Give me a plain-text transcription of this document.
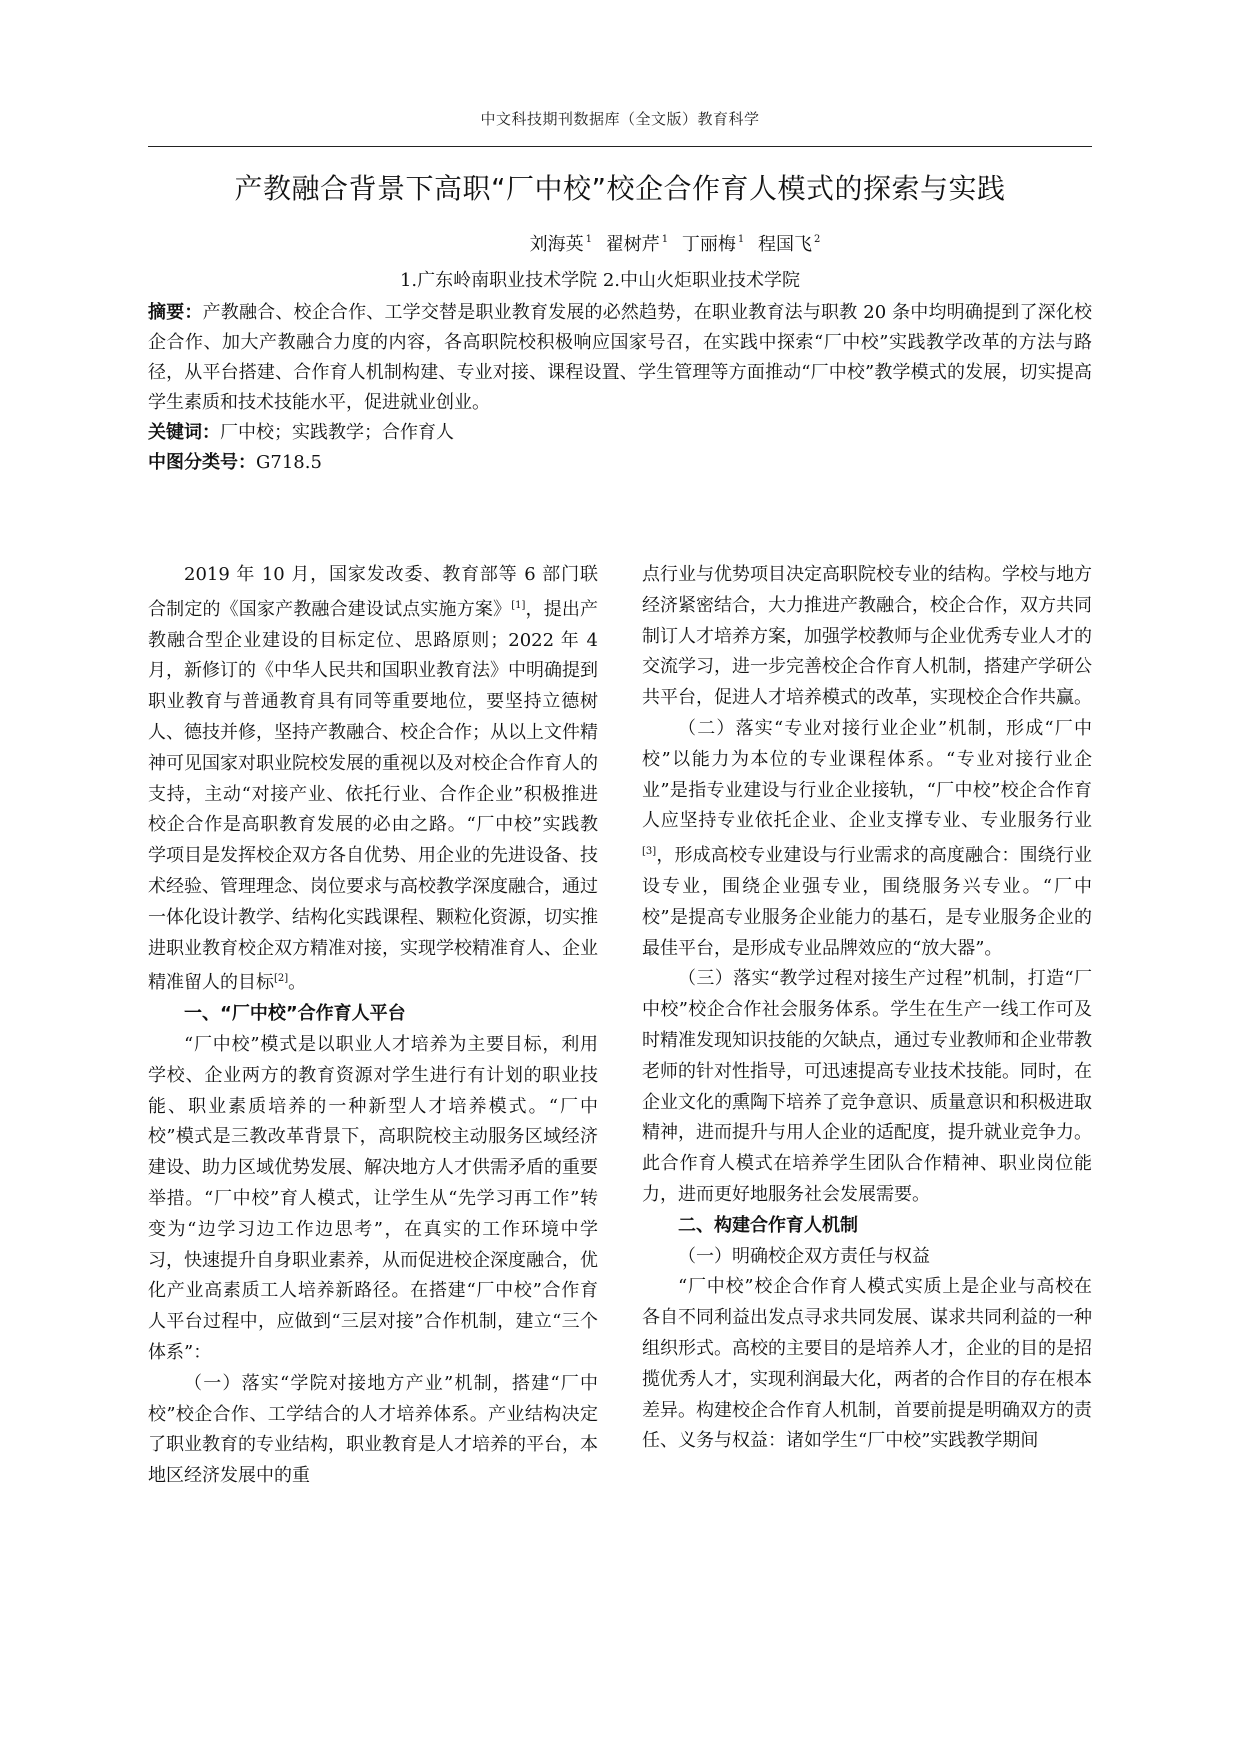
中文科技期刊数据库（全文版）教育科学
产教融合背景下高职“厂中校”校企合作育人模式的探索与实践
刘海英 $^1$ 翟树芹 $^1$ 丁丽梅 $^1$ 程国飞 $^2$
1.广东岭南职业技术学院 2.中山火炬职业技术学院
摘要：产教融合、校企合作、工学交替是职业教育发展的必然趋势，在职业教育法与职教 20 条中均明确提到了深化校企合作、加大产教融合力度的内容，各高职院校积极响应国家号召，在实践中探索“厂中校”实践教学改革的方法与路径，从平台搭建、合作育人机制构建、专业对接、课程设置、学生管理等方面推动“厂中校”教学模式的发展，切实提高学生素质和技术技能水平，促进就业创业。
关键词：厂中校；实践教学；合作育人
中图分类号：G718.5

2019 年 10 月，国家发改委、教育部等 6 部门联合制定的《国家产教融合建设试点实施方案》[1]，提出产教融合型企业建设的目标定位、思路原则；2022 年 4 月，新修订的《中华人民共和国职业教育法》中明确提到职业教育与普通教育具有同等重要地位，要坚持立德树人、德技并修，坚持产教融合、校企合作；从以上文件精神可见国家对职业院校发展的重视以及对校企合作育人的支持，主动“对接产业、依托行业、合作企业”积极推进校企合作是高职教育发展的必由之路。“厂中校”实践教学项目是发挥校企双方各自优势、用企业的先进设备、技术经验、管理理念、岗位要求与高校教学深度融合，通过一体化设计教学、结构化实践课程、颗粒化资源，切实推进职业教育校企双方精准对接，实现学校精准育人、企业精准留人的目标[2]。

一、“厂中校”合作育人平台

“厂中校”模式是以职业人才培养为主要目标，利用学校、企业两方的教育资源对学生进行有计划的职业技能、职业素质培养的一种新型人才培养模式。“厂中校”模式是三教改革背景下，高职院校主动服务区域经济建设、助力区域优势发展、解决地方人才供需矛盾的重要举措。“厂中校”育人模式，让学生从“先学习再工作”转变为“边学习边工作边思考”，在真实的工作环境中学习，快速提升自身职业素养，从而促进校企深度融合，优化产业高素质工人培养新路径。在搭建“厂中校”合作育人平台过程中，应做到“三层对接”合作机制，建立“三个体系”：

（一）落实“学院对接地方产业”机制，搭建“厂中校”校企合作、工学结合的人才培养体系。产业结构决定了职业教育的专业结构，职业教育是人才培养的平台，本地区经济发展中的重

点行业与优势项目决定高职院校专业的结构。学校与地方经济紧密结合，大力推进产教融合，校企合作，双方共同制订人才培养方案，加强学校教师与企业优秀专业人才的交流学习，进一步完善校企合作育人机制，搭建产学研公共平台，促进人才培养模式的改革，实现校企合作共赢。

（二）落实“专业对接行业企业”机制，形成“厂中校”以能力为本位的专业课程体系。“专业对接行业企业”是指专业建设与行业企业接轨，“厂中校”校企合作育人应坚持专业依托企业、企业支撑专业、专业服务行业[3]，形成高校专业建设与行业需求的高度融合：围绕行业设专业，围绕企业强专业，围绕服务兴专业。“厂中校”是提高专业服务企业能力的基石，是专业服务企业的最佳平台，是形成专业品牌效应的“放大器”。

（三）落实“教学过程对接生产过程”机制，打造“厂中校”校企合作社会服务体系。学生在生产一线工作可及时精准发现知识技能的欠缺点，通过专业教师和企业带教老师的针对性指导，可迅速提高专业技术技能。同时，在企业文化的熏陶下培养了竞争意识、质量意识和积极进取精神，进而提升与用人企业的适配度，提升就业竞争力。此合作育人模式在培养学生团队合作精神、职业岗位能力，进而更好地服务社会发展需要。

二、构建合作育人机制
（一）明确校企双方责任与权益

“厂中校”校企合作育人模式实质上是企业与高校在各自不同利益出发点寻求共同发展、谋求共同利益的一种组织形式。高校的主要目的是培养人才，企业的目的是招揽优秀人才，实现利润最大化，两者的合作目的存在根本差异。构建校企合作育人机制，首要前提是明确双方的责任、义务与权益：诸如学生“厂中校”实践教学期间
